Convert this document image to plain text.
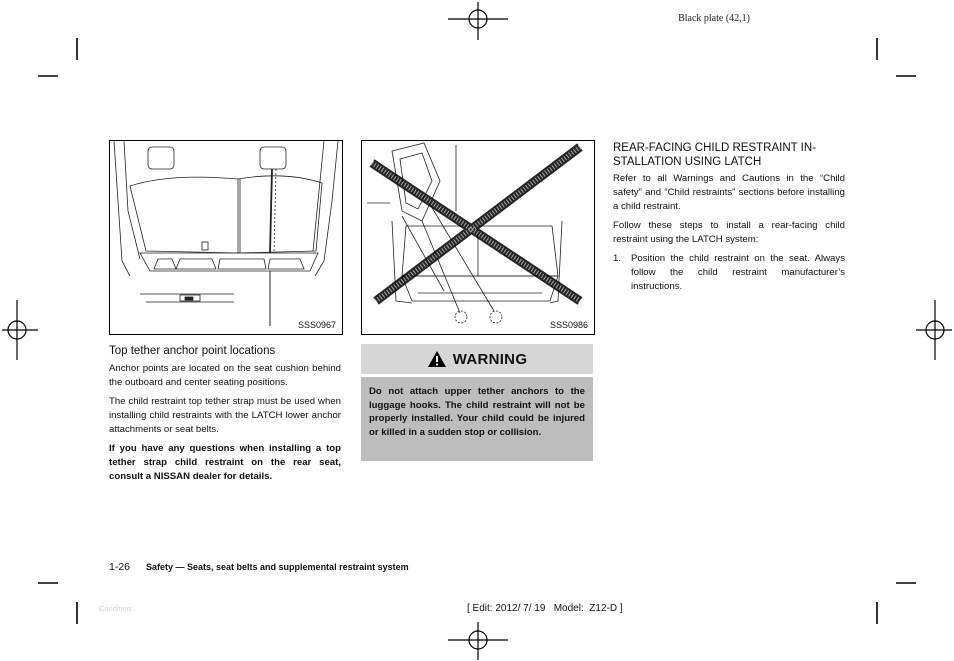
Black plate (42,1)
SSS0967	SSS0986
Top tether anchor point locations

Anchor points are located on the seat cushion behind the outboard and center seating positions.

The child restraint top tether strap must be used when installing child restraints with the LATCH lower anchor attachments or seat belts.

If you have any questions when installing a top tether strap child restraint on the rear seat, consult a NISSAN dealer for details.

WARNING
Do not attach upper tether anchors to the luggage hooks. The child restraint will not be properly installed. Your child could be injured or killed in a sudden stop or collision.
REAR-FACING CHILD RESTRAINT IN-
STALLATION USING LATCH

Refer to all Warnings and Cautions in the “Child safety” and “Child restraints” sections before installing a child restraint.

Follow these steps to install a rear-facing child restraint using the LATCH system:

1.	Position the child restraint on the seat. Always follow the child restraint manufacturer’s instructions.
1-26 Safety — Seats, seat belts and supplemental restraint system
Condition:	[ Edit: 2012/ 7/ 19   Model:  Z12-D ]
